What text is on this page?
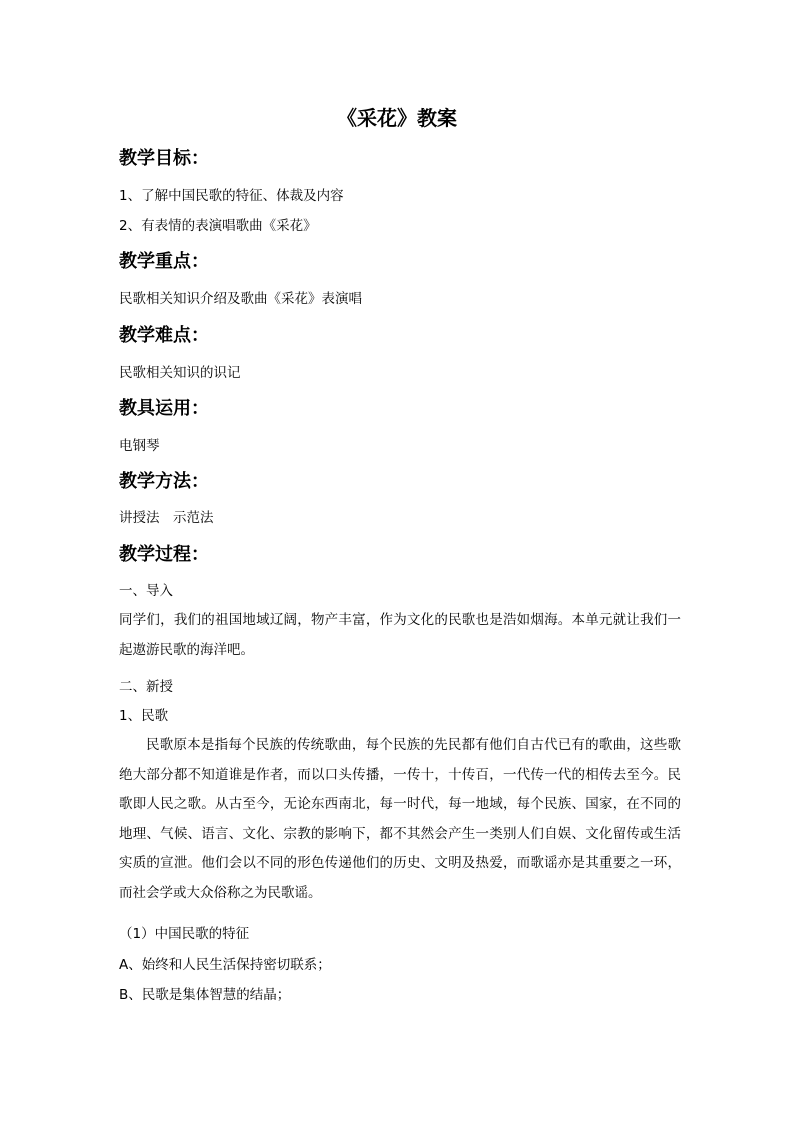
《采花》教案
教学目标：
1、了解中国民歌的特征、体裁及内容
2、有表情的表演唱歌曲《采花》
教学重点：
民歌相关知识介绍及歌曲《采花》表演唱
教学难点：
民歌相关知识的识记
教具运用：
电钢琴
教学方法：
讲授法　示范法
教学过程：
一、导入
同学们，我们的祖国地域辽阔，物产丰富，作为文化的民歌也是浩如烟海。本单元就让我们一起遨游民歌的海洋吧。
二、新授
1、民歌
民歌原本是指每个民族的传统歌曲，每个民族的先民都有他们自古代已有的歌曲，这些歌绝大部分都不知道谁是作者，而以口头传播，一传十，十传百，一代传一代的相传去至今。民歌即人民之歌。从古至今，无论东西南北，每一时代，每一地域，每个民族、国家，在不同的地理、气候、语言、文化、宗教的影响下，都不其然会产生一类别人们自娱、文化留传或生活实质的宣泄。他们会以不同的形色传递他们的历史、文明及热爱，而歌谣亦是其重要之一环，而社会学或大众俗称之为民歌谣。
（1）中国民歌的特征
A、始终和人民生活保持密切联系；
B、民歌是集体智慧的结晶；
